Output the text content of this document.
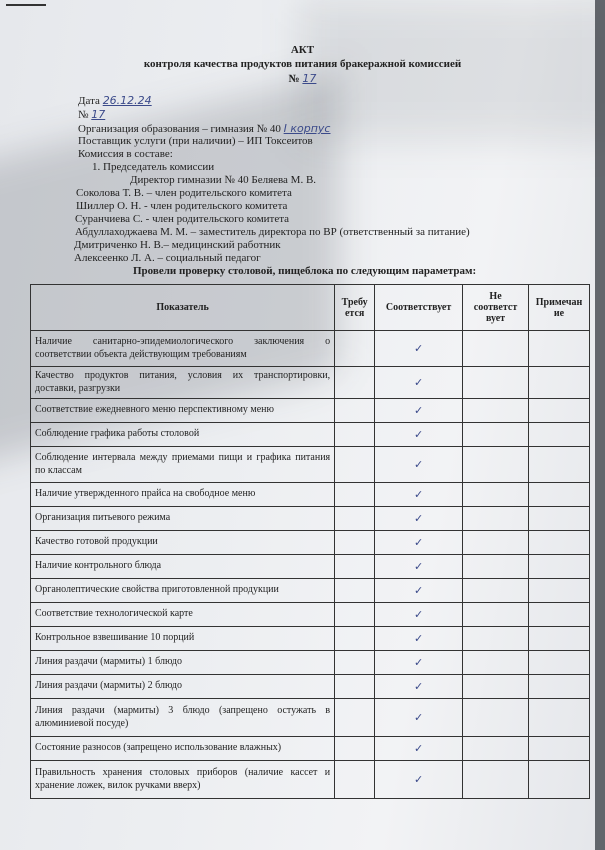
АКТ
контроля качества продуктов питания бракеражной комиссией
№ 17
Дата 26.12.24
№ 17
Организация образования – гимназия № 40 I корпус
Поставщик услуги (при наличии) – ИП Токсеитов
Комиссия в составе:
1. Председатель комиссии
Директор гимназии № 40 Беляева М. В.
Соколова Т. В. – член родительского комитета
Шиллер О. Н. - член родительского комитета
Суранчиева С. - член родительского комитета
Абдуллаходжаева М. М. – заместитель директора по ВР (ответственный за питание)
Дмитриченко Н. В.– медицинский работник
Алексеенко Л. А. – социальный педагог
Провели проверку столовой, пищеблока по следующим параметрам:
Показатель	Требу ется	Соответствует	Не соответст вует	Примечан ие
Наличие санитарно-эпидемиологического заключения о соответствии объекта действующим требованиям		✓		
Качество продуктов питания, условия их транспортировки, доставки, разгрузки		✓		
Соответствие ежедневного меню перспективному меню		✓		
Соблюдение графика работы столовой		✓		
Соблюдение интервала между приемами пищи и графика питания по классам		✓		
Наличие утвержденного прайса на свободное меню		✓		
Организация питьевого режима		✓		
Качество готовой продукции		✓		
Наличие контрольного блюда		✓		
Органолептические свойства приготовленной продукции		✓		
Соответствие технологической карте		✓		
Контрольное взвешивание 10 порций		✓		
Линия раздачи (мармиты) 1 блюдо		✓		
Линия раздачи (мармиты) 2 блюдо		✓		
Линия раздачи (мармиты) 3 блюдо (запрещено остужать в алюминиевой посуде)		✓		
Состояние разносов (запрещено использование влажных)		✓		
Правильность хранения столовых приборов (наличие кассет и хранение ложек, вилок ручками вверх)		✓		
